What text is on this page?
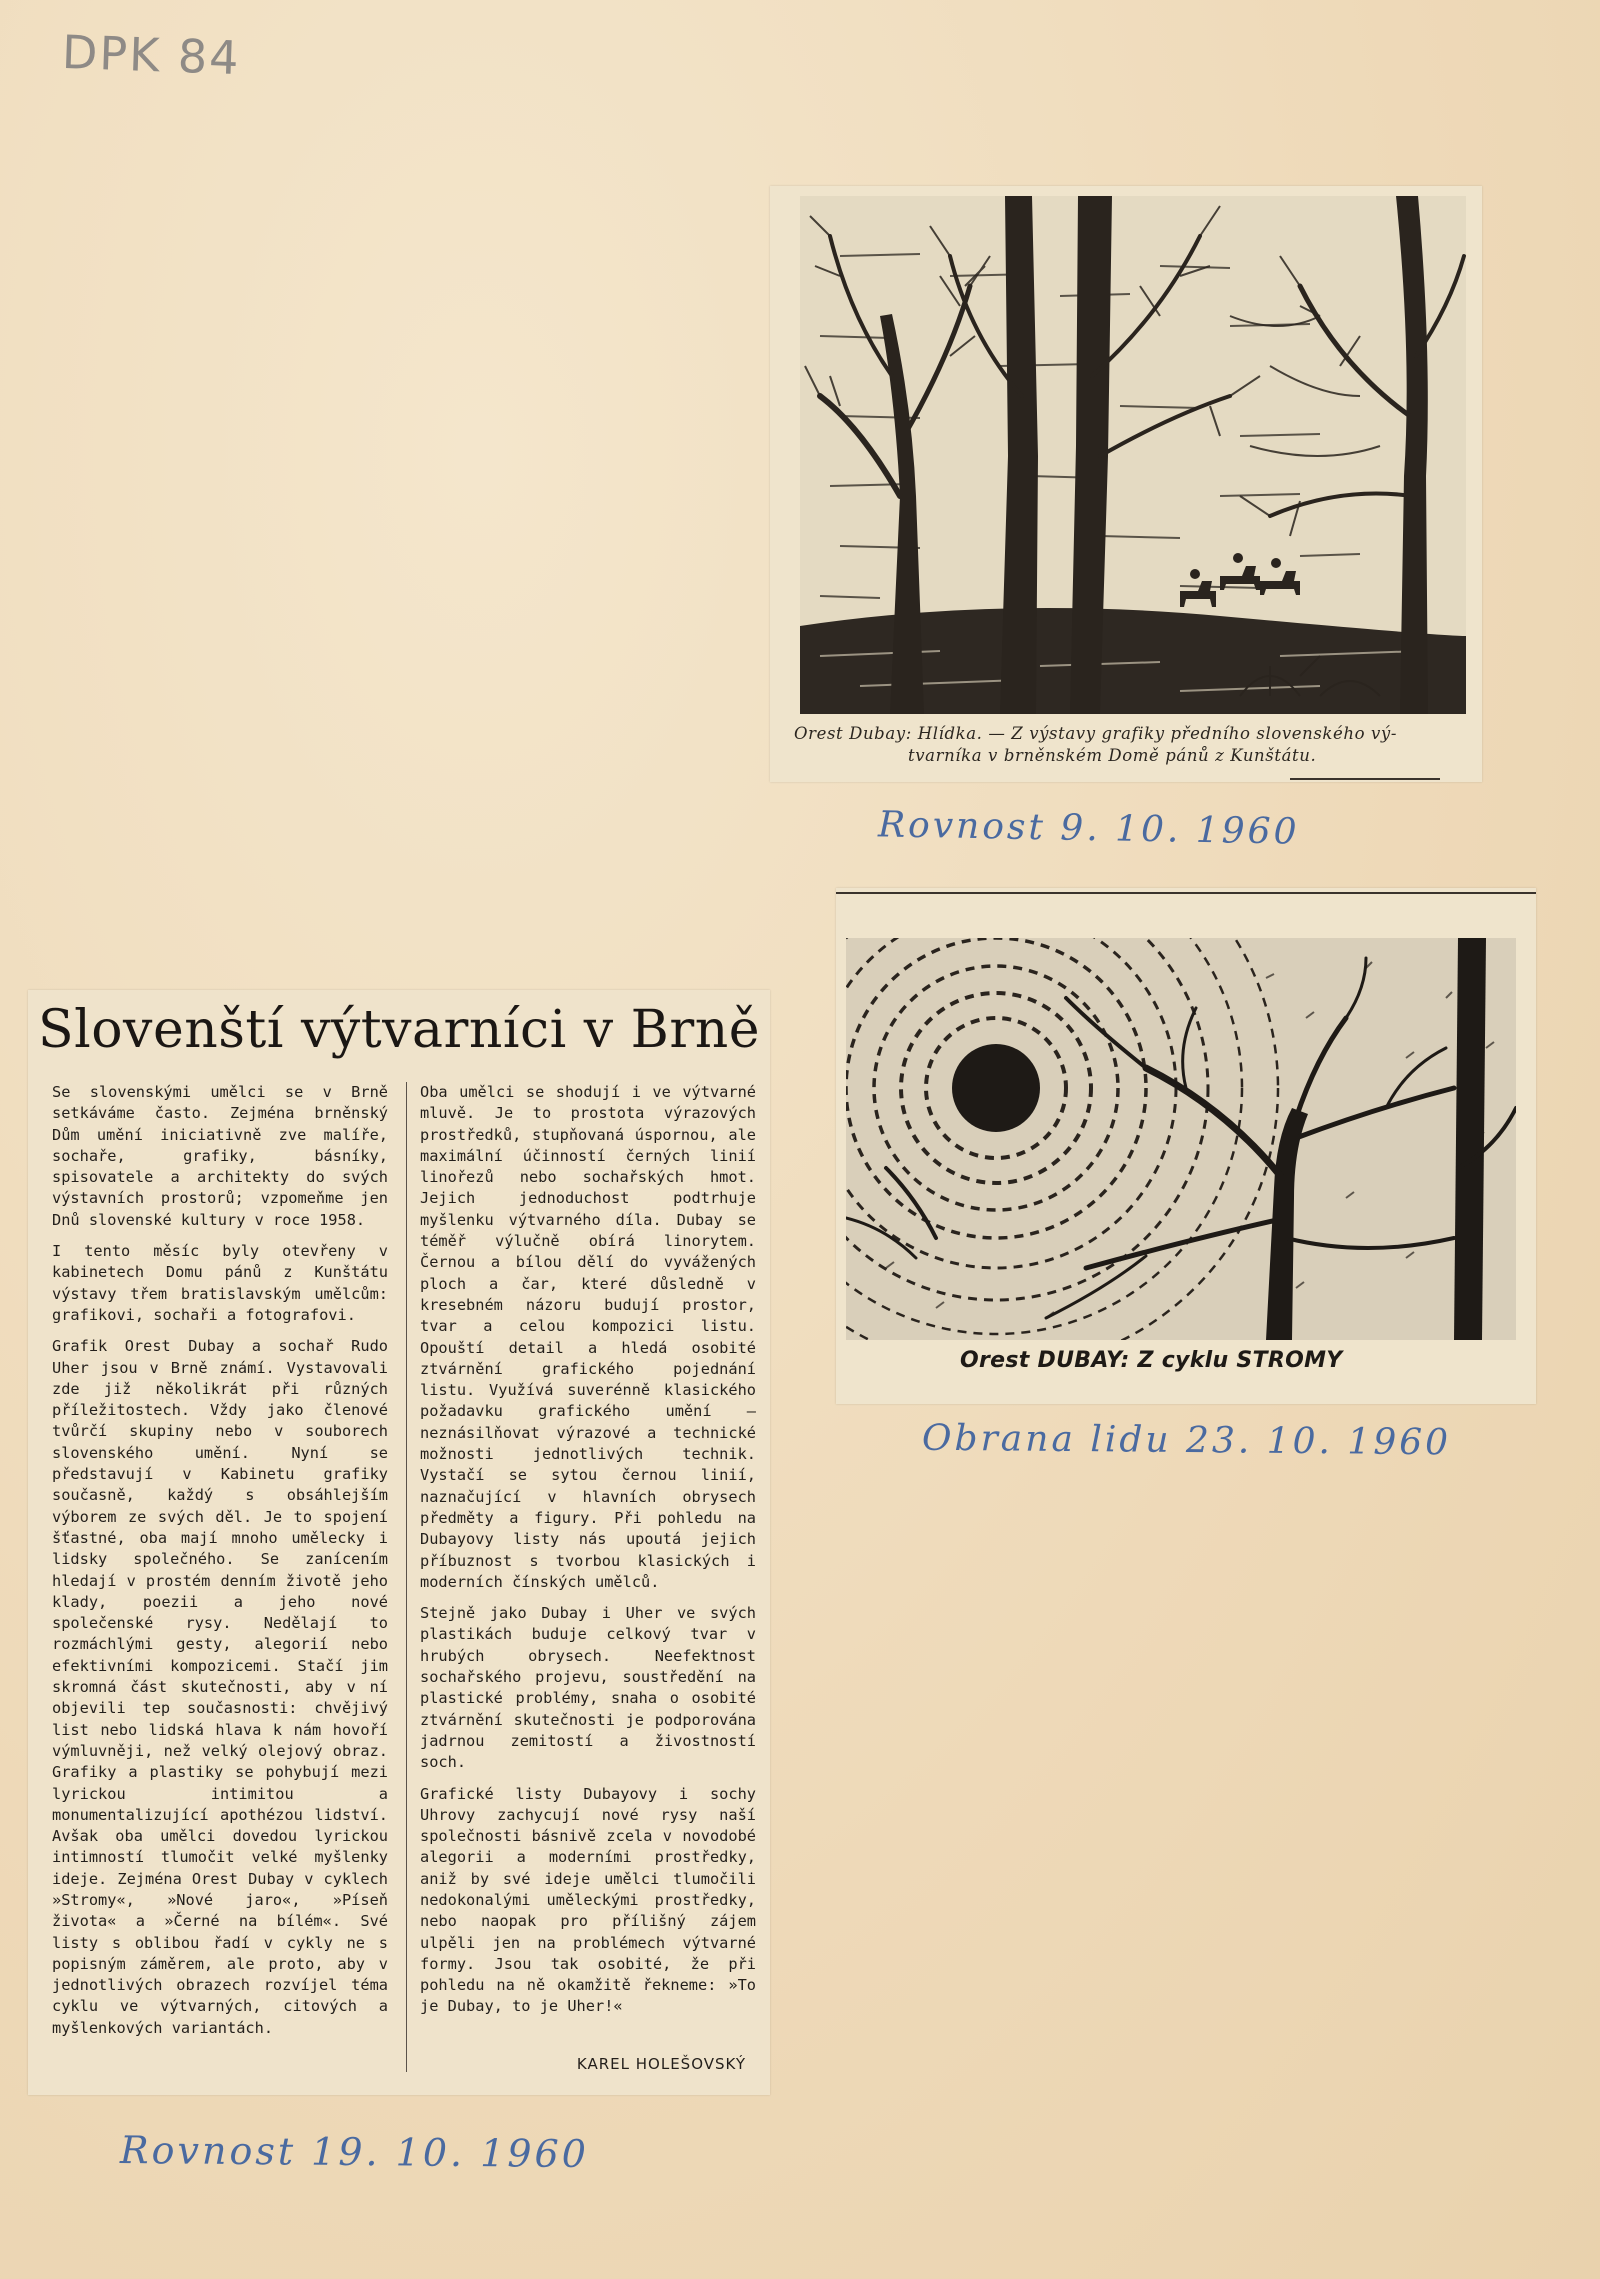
DPK 84
Orest Dubay: Hlídka. — Z výstavy grafiky předního slovenského vý-
tvarníka v brněnském Domě pánů z Kunštátu.
Rovnost 9. 10. 1960
Orest DUBAY: Z cyklu STROMY
Obrana lidu 23. 10. 1960
Slovenští výtvarníci v Brně

Se slovenskými umělci se v Brně setkáváme často. Zejména brněnský Dům umění iniciativně zve malíře, sochaře, grafiky, básníky, spisovatele a architekty do svých výstavních prostorů; vzpomeňme jen Dnů slovenské kultury v roce 1958.

I tento měsíc byly otevřeny v kabinetech Domu pánů z Kunštátu výstavy třem bratislavským umělcům: grafikovi, sochaři a fotografovi.

Grafik Orest Dubay a sochař Rudo Uher jsou v Brně známí. Vystavovali zde již několikrát při různých příležitostech. Vždy jako členové tvůrčí skupiny nebo v souborech slovenského umění. Nyní se představují v Kabinetu grafiky současně, každý s obsáhlejším výborem ze svých děl. Je to spojení šťastné, oba mají mnoho umělecky i lidsky společného. Se zanícením hledají v prostém denním životě jeho klady, poezii a jeho nové společenské rysy. Nedělají to rozmáchlými gesty, alegorií nebo efektivními kompozicemi. Stačí jim skromná část skutečnosti, aby v ní objevili tep současnosti: chvějivý list nebo lidská hlava k nám hovoří výmluvněji, než velký olejový obraz. Grafiky a plastiky se pohybují mezi lyrickou intimitou a monumentalizující apothézou lidství. Avšak oba umělci dovedou lyrickou intimností tlumočit velké myšlenky ideje. Zejména Orest Dubay v cyklech »Stromy«, »Nové jaro«, »Píseň života« a »Černé na bílém«. Své listy s oblibou řadí v cykly ne s popisným záměrem, ale proto, aby v jednotlivých obrazech rozvíjel téma cyklu ve výtvarných, citových a myšlenkových variantách.

Oba umělci se shodují i ve výtvarné mluvě. Je to prostota výrazových prostředků, stupňovaná úspornou, ale maximální účinností černých linií linořezů nebo sochařských hmot. Jejich jednoduchost podtrhuje myšlenku výtvarného díla. Dubay se téměř výlučně obírá linorytem. Černou a bílou dělí do vyvážených ploch a čar, které důsledně v kresebném názoru budují prostor, tvar a celou kompozici listu. Opouští detail a hledá osobité ztvárnění grafického pojednání listu. Využívá suverénně klasického požadavku grafického umění — neznásilňovat výrazové a technické možnosti jednotlivých technik. Vystačí se sytou černou linií, naznačující v hlavních obrysech předměty a figury. Při pohledu na Dubayovy listy nás upoutá jejich příbuznost s tvorbou klasických i moderních čínských umělců.

Stejně jako Dubay i Uher ve svých plastikách buduje celkový tvar v hrubých obrysech. Neefektnost sochařského projevu, soustředění na plastické problémy, snaha o osobité ztvárnění skutečnosti je podporována jadrnou zemitostí a živostností soch.

Grafické listy Dubayovy i sochy Uhrovy zachycují nové rysy naší společnosti básnivě zcela v novodobé alegorii a moderními prostředky, aniž by své ideje umělci tlumočili nedokonalými uměleckými prostředky, nebo naopak pro přílišný zájem ulpěli jen na problémech výtvarné formy. Jsou tak osobité, že při pohledu na ně okamžitě řekneme: »To je Dubay, to je Uher!«

KAREL HOLEŠOVSKÝ
Rovnost 19. 10. 1960
